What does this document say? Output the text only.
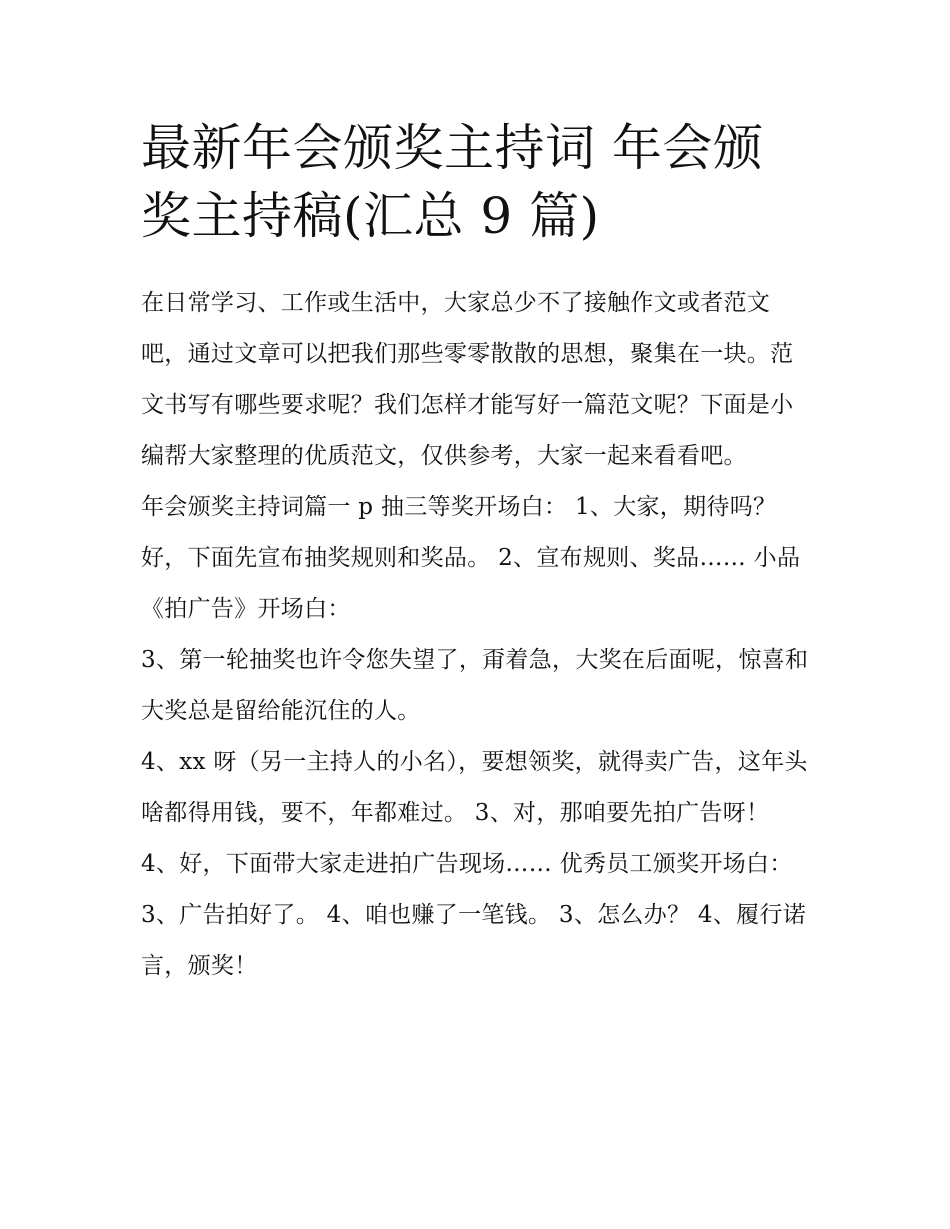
最新年会颁奖主持词 年会颁奖主持稿(汇总 9 篇)

在日常学习、工作或生活中，大家总少不了接触作文或者范文吧，通过文章可以把我们那些零零散散的思想，聚集在一块。范文书写有哪些要求呢？我们怎样才能写好一篇范文呢？下面是小编帮大家整理的优质范文，仅供参考，大家一起来看看吧。

年会颁奖主持词篇一 p 抽三等奖开场白： 1、大家，期待吗？好，下面先宣布抽奖规则和奖品。 2、宣布规则、奖品…… 小品《拍广告》开场白：

3、第一轮抽奖也许令您失望了，甭着急，大奖在后面呢，惊喜和大奖总是留给能沉住的人。

4、xx 呀（另一主持人的小名），要想领奖，就得卖广告，这年头啥都得用钱，要不，年都难过。 3、对，那咱要先拍广告呀！

4、好，下面带大家走进拍广告现场…… 优秀员工颁奖开场白： 3、广告拍好了。 4、咱也赚了一笔钱。 3、怎么办？ 4、履行诺言，颁奖！
